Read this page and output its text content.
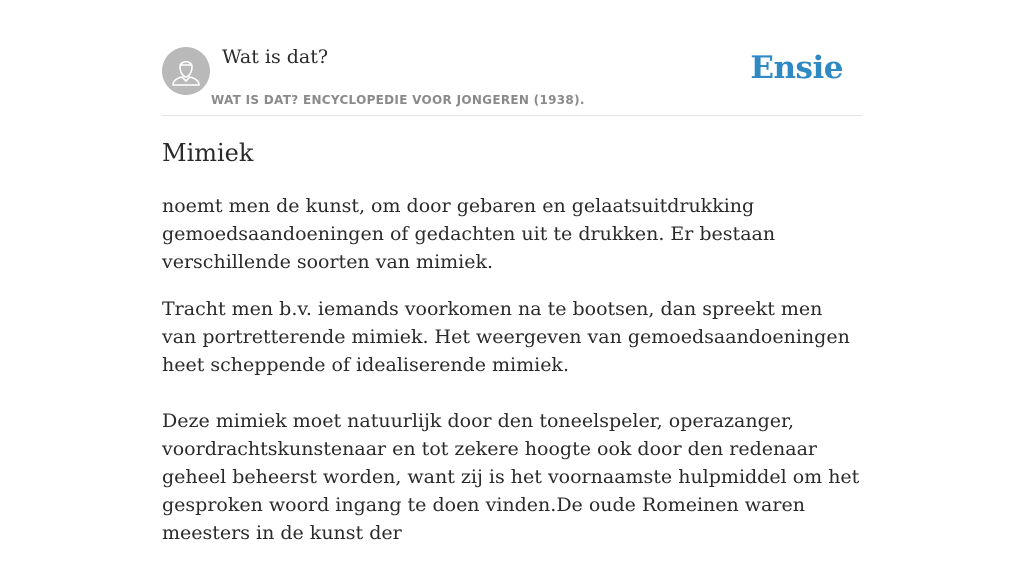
Wat is dat?
WAT IS DAT? ENCYCLOPEDIE VOOR JONGEREN (1938).
Ensie
Mimiek

noemt men de kunst, om door gebaren en gelaatsuitdrukking gemoedsaandoeningen of gedachten uit te drukken. Er bestaan verschillende soorten van mimiek.

Tracht men b.v. iemands voorkomen na te bootsen, dan spreekt men van portretterende mimiek. Het weergeven van gemoedsaandoeningen heet scheppende of idealiserende mimiek.

Deze mimiek moet natuurlijk door den toneelspeler, operazanger, voordrachtskunstenaar en tot zekere hoogte ook door den redenaar geheel beheerst worden, want zij is het voornaamste hulpmiddel om het gesproken woord ingang te doen vinden.De oude Romeinen waren meesters in de kunst der
